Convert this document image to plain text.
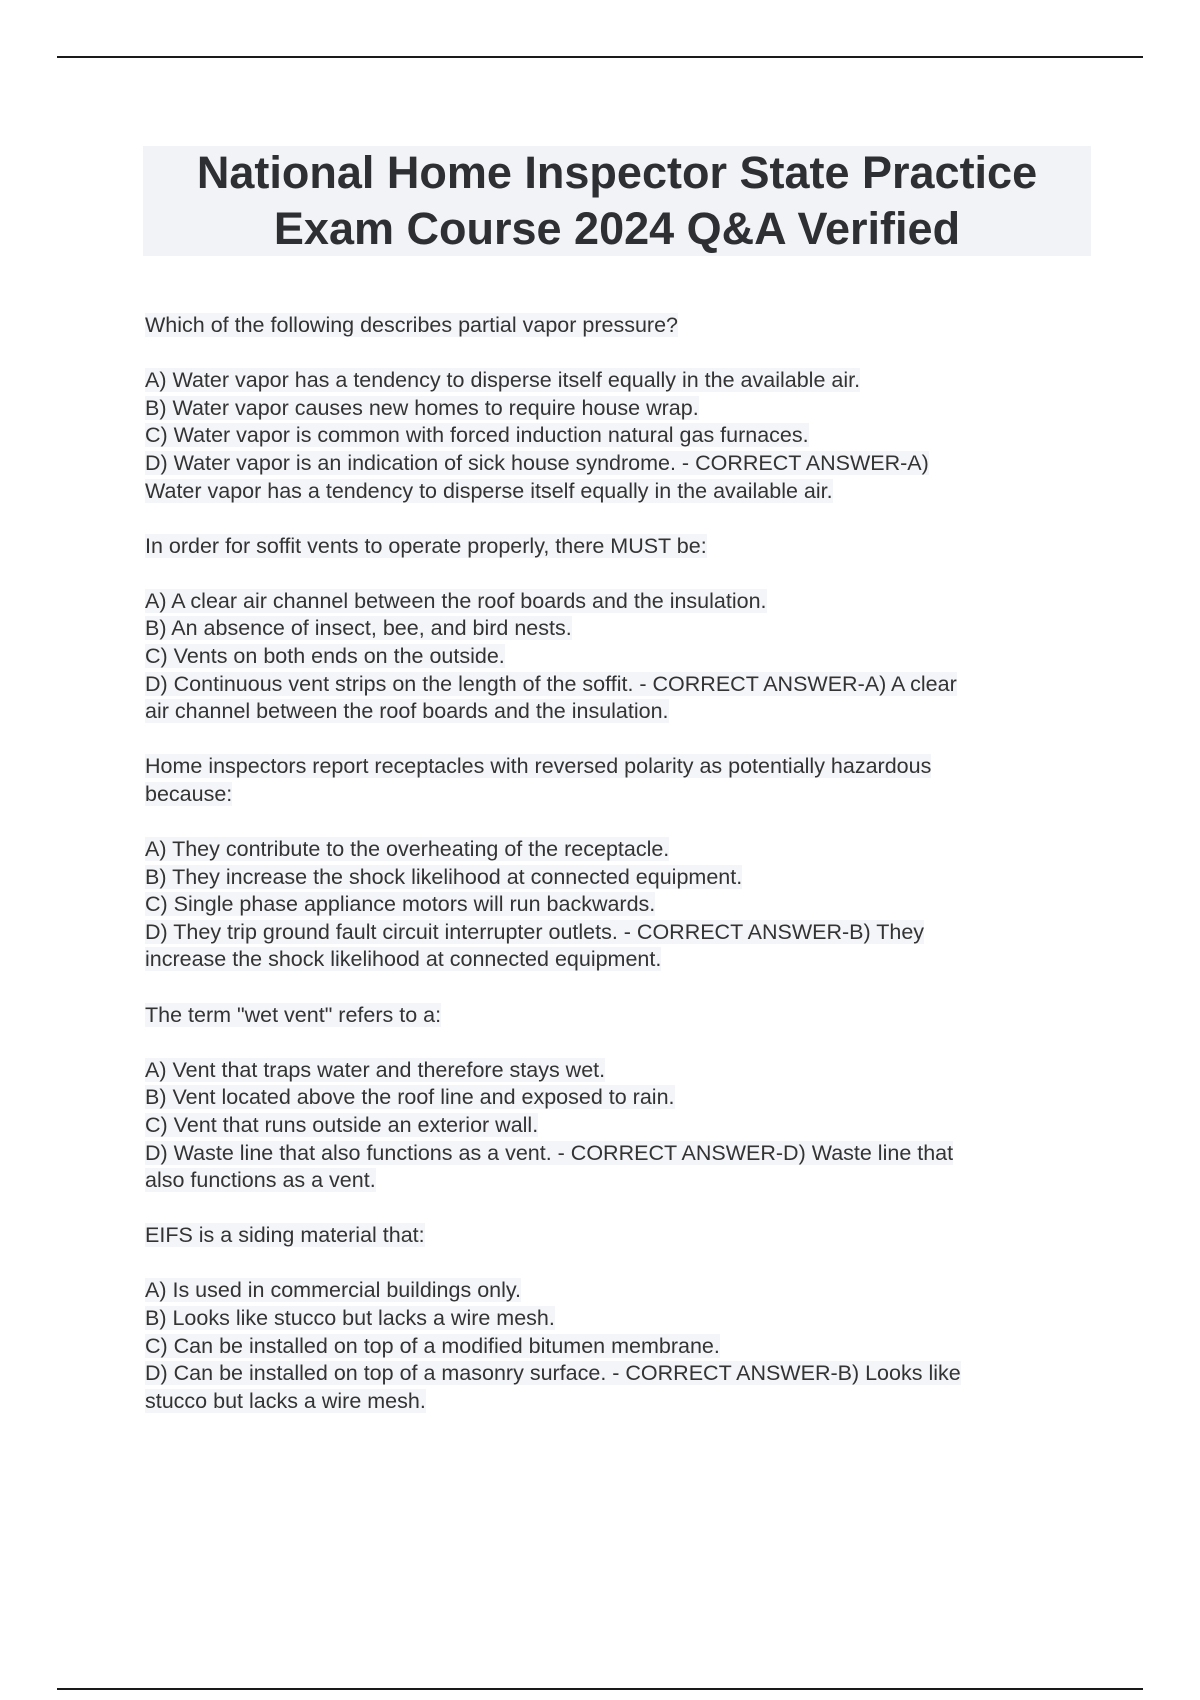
National Home Inspector State Practice
Exam Course 2024 Q&A Verified
Which of the following describes partial vapor pressure?
A) Water vapor has a tendency to disperse itself equally in the available air.
B) Water vapor causes new homes to require house wrap.
C) Water vapor is common with forced induction natural gas furnaces.
D) Water vapor is an indication of sick house syndrome. - CORRECT ANSWER-A)
Water vapor has a tendency to disperse itself equally in the available air.
In order for soffit vents to operate properly, there MUST be:
A) A clear air channel between the roof boards and the insulation.
B) An absence of insect, bee, and bird nests.
C) Vents on both ends on the outside.
D) Continuous vent strips on the length of the soffit. - CORRECT ANSWER-A) A clear
air channel between the roof boards and the insulation.
Home inspectors report receptacles with reversed polarity as potentially hazardous
because:
A) They contribute to the overheating of the receptacle.
B) They increase the shock likelihood at connected equipment.
C) Single phase appliance motors will run backwards.
D) They trip ground fault circuit interrupter outlets. - CORRECT ANSWER-B) They
increase the shock likelihood at connected equipment.
The term "wet vent" refers to a:
A) Vent that traps water and therefore stays wet.
B) Vent located above the roof line and exposed to rain.
C) Vent that runs outside an exterior wall.
D) Waste line that also functions as a vent. - CORRECT ANSWER-D) Waste line that
also functions as a vent.
EIFS is a siding material that:
A) Is used in commercial buildings only.
B) Looks like stucco but lacks a wire mesh.
C) Can be installed on top of a modified bitumen membrane.
D) Can be installed on top of a masonry surface. - CORRECT ANSWER-B) Looks like
stucco but lacks a wire mesh.
